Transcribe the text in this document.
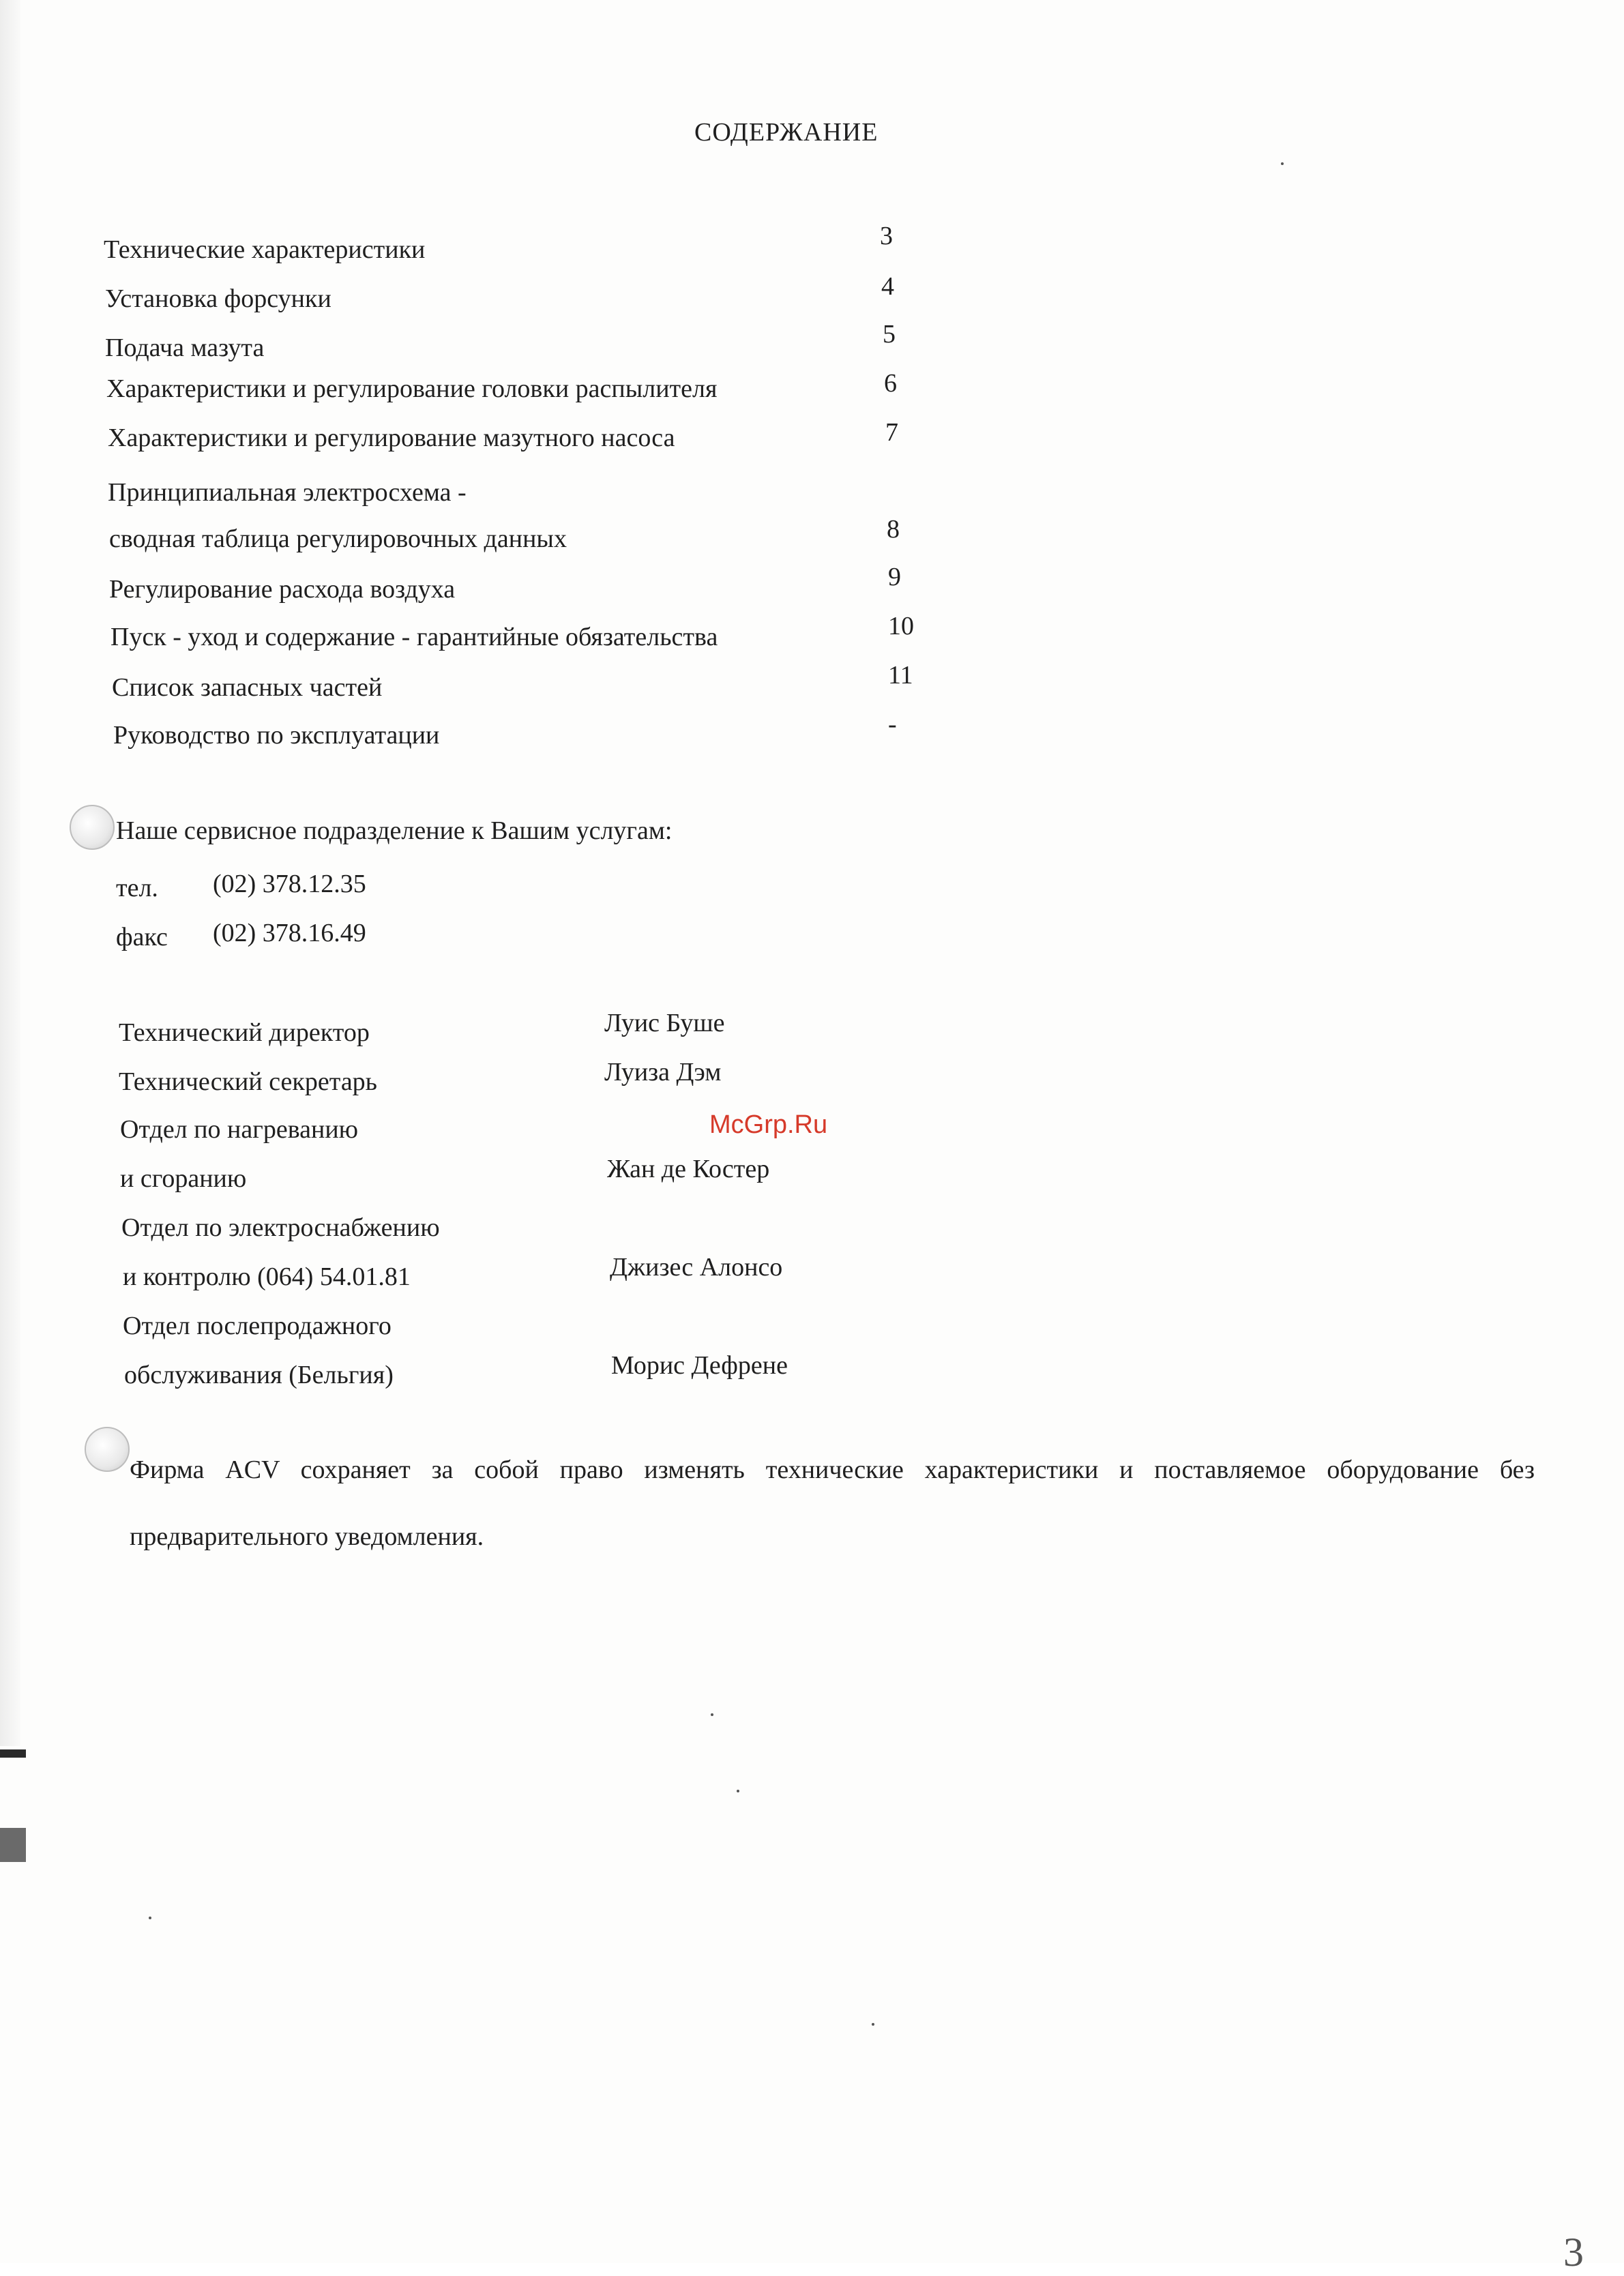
СОДЕРЖАНИЕ
Технические характеристики	3
Установка форсунки	4
Подача мазута	5
Характеристики и регулирование головки распылителя	6
Характеристики и регулирование мазутного насоса	7
Принципиальная электросхема -
сводная таблица регулировочных данных	8
Регулирование расхода воздуха	9
Пуск - уход и содержание - гарантийные обязательства	10
Список запасных частей	11
Руководство по эксплуатации	-
Наше сервисное подразделение к Вашим услугам:
тел. (02) 378.12.35
факс (02) 378.16.49
Технический директор	Луис Буше
Технический секретарь	Луиза Дэм
Отдел по нагреванию
и сгоранию	Жан де Костер
Отдел по электроснабжению
и контролю (064) 54.01.81	Джизес Алонсо
Отдел послепродажного
обслуживания (Бельгия)	Морис Дефрене
McGrp.Ru
Фирма ACV сохраняет за собой право изменять технические характеристики и поставляемое оборудование без предварительного уведомления.
3
